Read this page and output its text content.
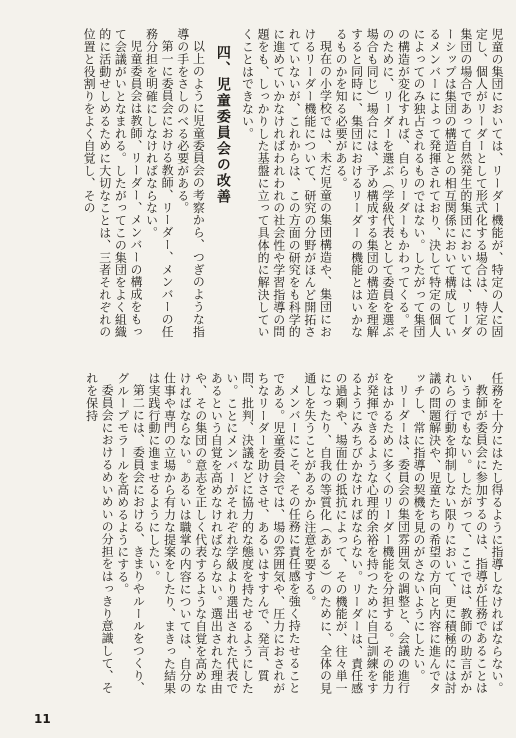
児童の集団においては、リーダー機能が、特定の人に固定し、個人がリーダーとして形式化する場合は、特定の集団の場合であって自然発生的集団においては、リーダーシップは集団の構造との相互関係において構成しているメンバーによって発揮されており、決して特定の個人によってのみ独占されるものではない。したがって集団の構造が変化すれば、自らリーダーもかわってくる。そのために、リーダーを選ぶ（学級代表として委員を選ぶ場合も同じ）場合には、予め構成する集団の構造を理解すると同時に、集団におけるリーダーの機能とはいかなるものかを知る必要がある。

現在の小学校では、未だ児童の集団構造や、集団におけるリーダー機能について、研究の分野がほんど開拓されていないが、これからは、この方面の研究をも科学的に進めていかなければわれわれの社会性や学習指導の問題をも、しっかりした基盤に立って具体的に解決していくことはできない。

四、児童委員会の改善

以上のように児童委員会の考察から、つぎのような指導の手をさしのべる必要がある。

第一に委員会における教師、リーダー、メンバーの任務分担を明確にしなければならない。

児童委員会は教師、リーダー、メンバーの構成をもって会議がいとなまれる。したがってこの集団をよく組織的に活動せしめるために大切なことは、三者それぞれの位置と役割りをよく自覚し、その

任務を十分にはたし得るように指導しなければならない。

教師が委員会に参加するのは、指導が任務であることはいうまでもない。したがって、ここでは、教師の助言がかれらの行動を抑制しない限りにおいて、更に積極的には討議の問題解決や、児童たちの希望の方向と内容に進んでタッチし、常に指導の契機を見のがさないようにしたい。

リーダーは、委員会の集団雰囲気の調整と、会議の進行をはかるために多くのリーダー機能を分担する。その能力が発揮できるような心理的余裕を持つために自己訓練をするようにみちびかなければならない。リーダーは、責任感の過剰や、場面仕の抵抗によって、その機能が、往々単一になったり、自我の等質化（あがる）のために、全体の見通しを失うことがあるから注意を要する。

メンバーにこそ、その任務に責任感を強く持たせることである。児童委員会では、場の雰囲気や、圧力におされがちなリーダーを助けさせ、あるいはすすんで、発言、質問、批判、決議などに協力的な態度を持たせるようにしたい。ことにメンバーがそれぞれ学級より選出された代表であるという自覚を高めなければならない。選出された理由や、その集団の意志を正しく代表するような自覚を高めなければならない。あるいは職掌の内容については、自分の仕事や専門の立場から有力な提案をしたり、まきった結果は実践行動に進ませるようにしたい。

第二には、委員会における、きまりやルールをつくり、グループモラールを高めるようにする。

委員会におけるめいめいの分担をはっきり意識して、それを保持

11
